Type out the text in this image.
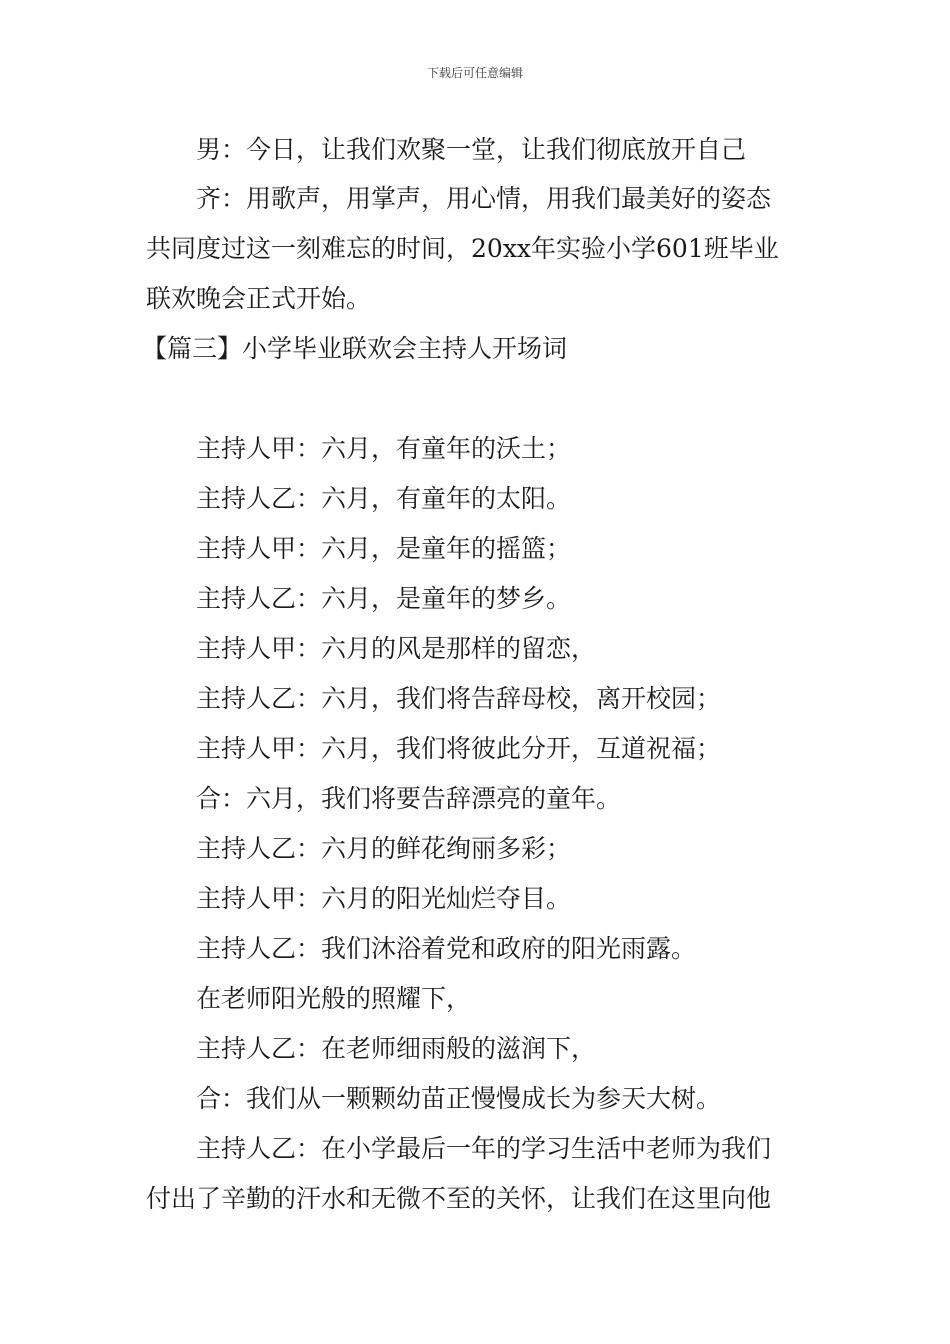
下载后可任意编辑
男：今日，让我们欢聚一堂，让我们彻底放开自己
齐：用歌声，用掌声，用心情，用我们最美好的姿态
共同度过这一刻难忘的时间，20xx年实验小学601班毕业
联欢晚会正式开始。
【篇三】小学毕业联欢会主持人开场词
主持人甲：六月，有童年的沃土；
主持人乙：六月，有童年的太阳。
主持人甲：六月，是童年的摇篮；
主持人乙：六月，是童年的梦乡。
主持人甲：六月的风是那样的留恋，
主持人乙：六月，我们将告辞母校，离开校园；
主持人甲：六月，我们将彼此分开，互道祝福；
合：六月，我们将要告辞漂亮的童年。
主持人乙：六月的鲜花绚丽多彩；
主持人甲：六月的阳光灿烂夺目。
主持人乙：我们沐浴着党和政府的阳光雨露。
在老师阳光般的照耀下，
主持人乙：在老师细雨般的滋润下，
合：我们从一颗颗幼苗正慢慢成长为参天大树。
主持人乙：在小学最后一年的学习生活中老师为我们
付出了辛勤的汗水和无微不至的关怀，让我们在这里向他
